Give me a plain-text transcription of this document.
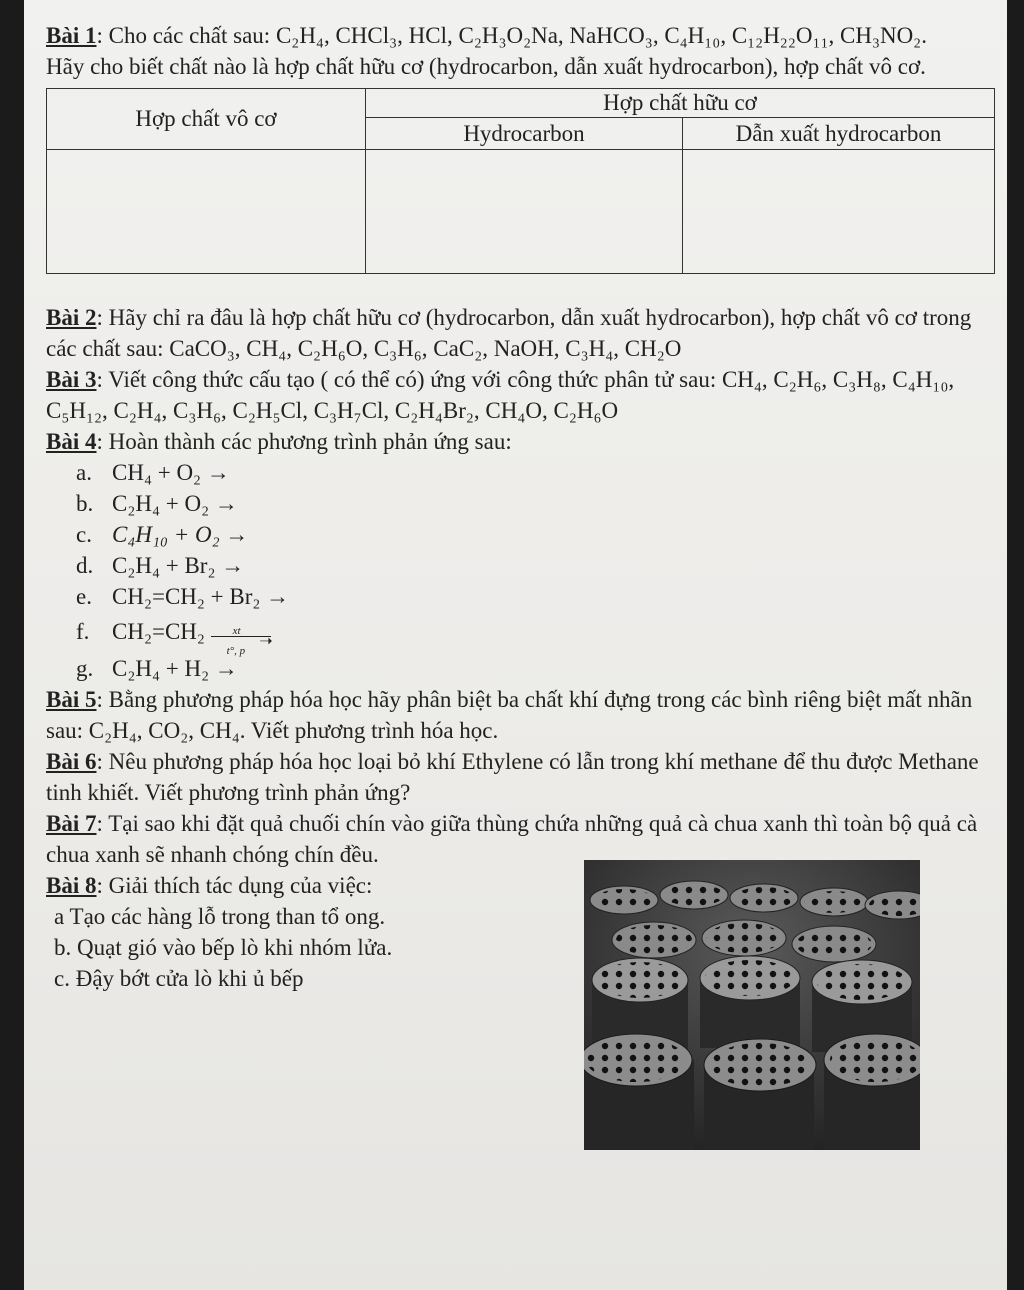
Bài 1: Cho các chất sau: C₂H₄, CHCl₃, HCl, C₂H₃O₂Na, NaHCO₃, C₄H₁₀, C₁₂H₂₂O₁₁, CH₃NO₂.

Hãy cho biết chất nào là hợp chất hữu cơ (hydrocarbon, dẫn xuất hydrocarbon), hợp chất vô cơ.

Hợp chất vô cơ	Hợp chất hữu cơ	
	Hydrocarbon	Dẫn xuất hydrocarbon

Bài 2: Hãy chỉ ra đâu là hợp chất hữu cơ (hydrocarbon, dẫn xuất hydrocarbon), hợp chất vô cơ trong các chất sau: CaCO₃, CH₄, C₂H₆O, C₃H₆, CaC₂, NaOH, C₃H₄, CH₂O

Bài 3: Viết công thức cấu tạo ( có thể có) ứng với công thức phân tử sau: CH₄, C₂H₆, C₃H₈, C₄H₁₀, C₅H₁₂, C₂H₄, C₃H₆, C₂H₅Cl, C₃H₇Cl, C₂H₄Br₂, CH₄O, C₂H₆O

Bài 4: Hoàn thành các phương trình phản ứng sau:

a. CH₄ + O₂ →
b. C₂H₄ + O₂ →
c. C₄H₁₀ + O₂ →
d. C₂H₄ + Br₂ →
e. CH₂=CH₂ + Br₂ →
f. CH₂=CH₂	xt
➝
t°, p
g. C₂H₄ + H₂ →

Bài 5: Bằng phương pháp hóa học hãy phân biệt ba chất khí đựng trong các bình riêng biệt mất nhãn sau: C₂H₄, CO₂, CH₄. Viết phương trình hóa học.

Bài 6: Nêu phương pháp hóa học loại bỏ khí Ethylene có lẫn trong khí methane để thu được Methane tinh khiết. Viết phương trình phản ứng?

Bài 7: Tại sao khi đặt quả chuối chín vào giữa thùng chứa những quả cà chua xanh thì toàn bộ quả cà chua xanh sẽ nhanh chóng chín đều.

Bài 8: Giải thích tác dụng của việc:

a Tạo các hàng lỗ trong than tổ ong.

b. Quạt gió vào bếp lò khi nhóm lửa.

c. Đậy bớt cửa lò khi ủ bếp
